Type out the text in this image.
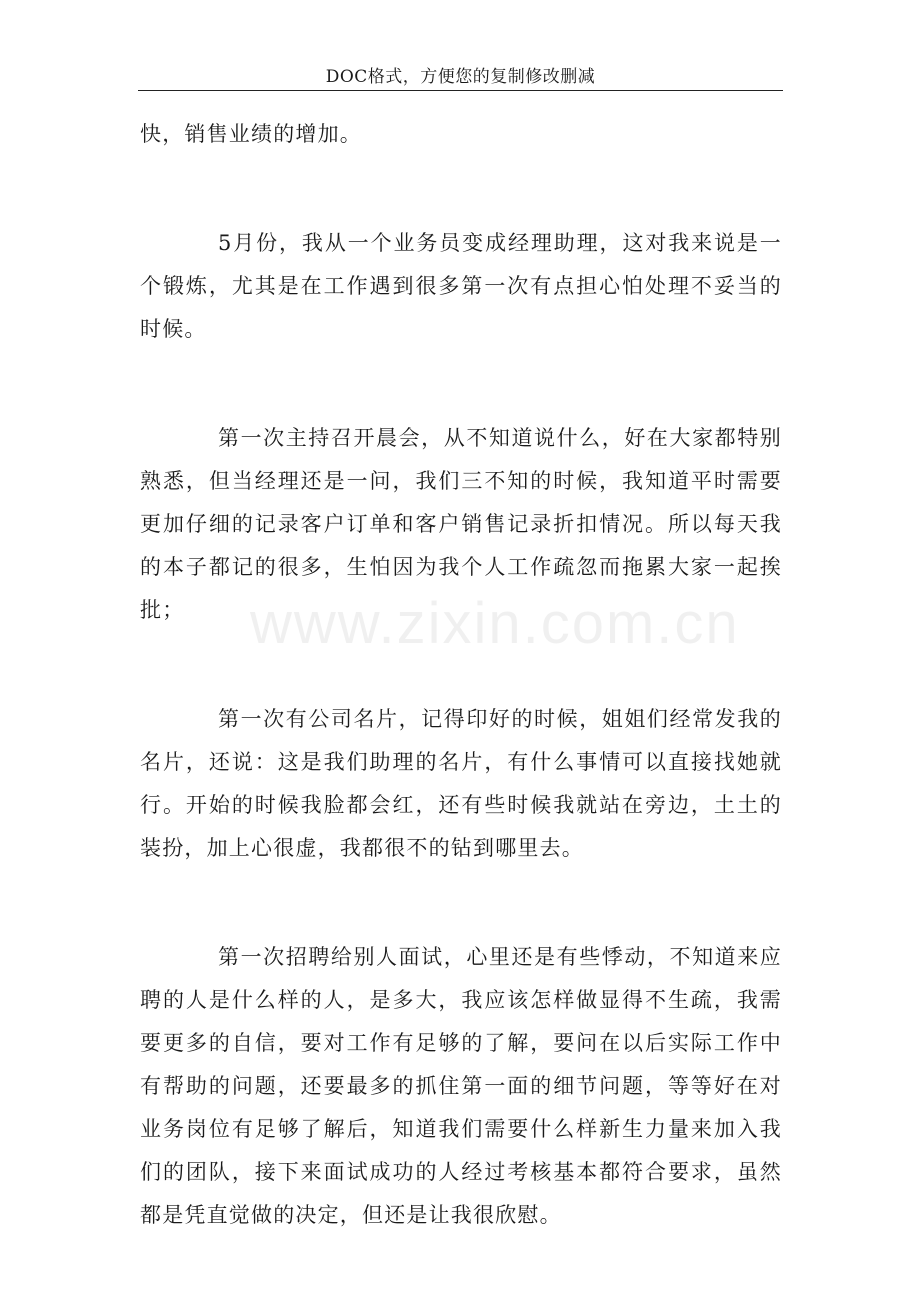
DOC格式，方便您的复制修改删减
www.zixin.com.cn

快，销售业绩的增加。

5月份，我从一个业务员变成经理助理，这对我来说是一个锻炼，尤其是在工作遇到很多第一次有点担心怕处理不妥当的时候。

第一次主持召开晨会，从不知道说什么，好在大家都特别熟悉，但当经理还是一问，我们三不知的时候，我知道平时需要更加仔细的记录客户订单和客户销售记录折扣情况。所以每天我的本子都记的很多，生怕因为我个人工作疏忽而拖累大家一起挨批；

第一次有公司名片，记得印好的时候，姐姐们经常发我的名片，还说：这是我们助理的名片，有什么事情可以直接找她就行。开始的时候我脸都会红，还有些时候我就站在旁边，土土的装扮，加上心很虚，我都很不的钻到哪里去。

第一次招聘给别人面试，心里还是有些悸动，不知道来应聘的人是什么样的人，是多大，我应该怎样做显得不生疏，我需要更多的自信，要对工作有足够的了解，要问在以后实际工作中有帮助的问题，还要最多的抓住第一面的细节问题，等等好在对业务岗位有足够了解后，知道我们需要什么样新生力量来加入我们的团队，接下来面试成功的人经过考核基本都符合要求，虽然都是凭直觉做的决定，但还是让我很欣慰。
